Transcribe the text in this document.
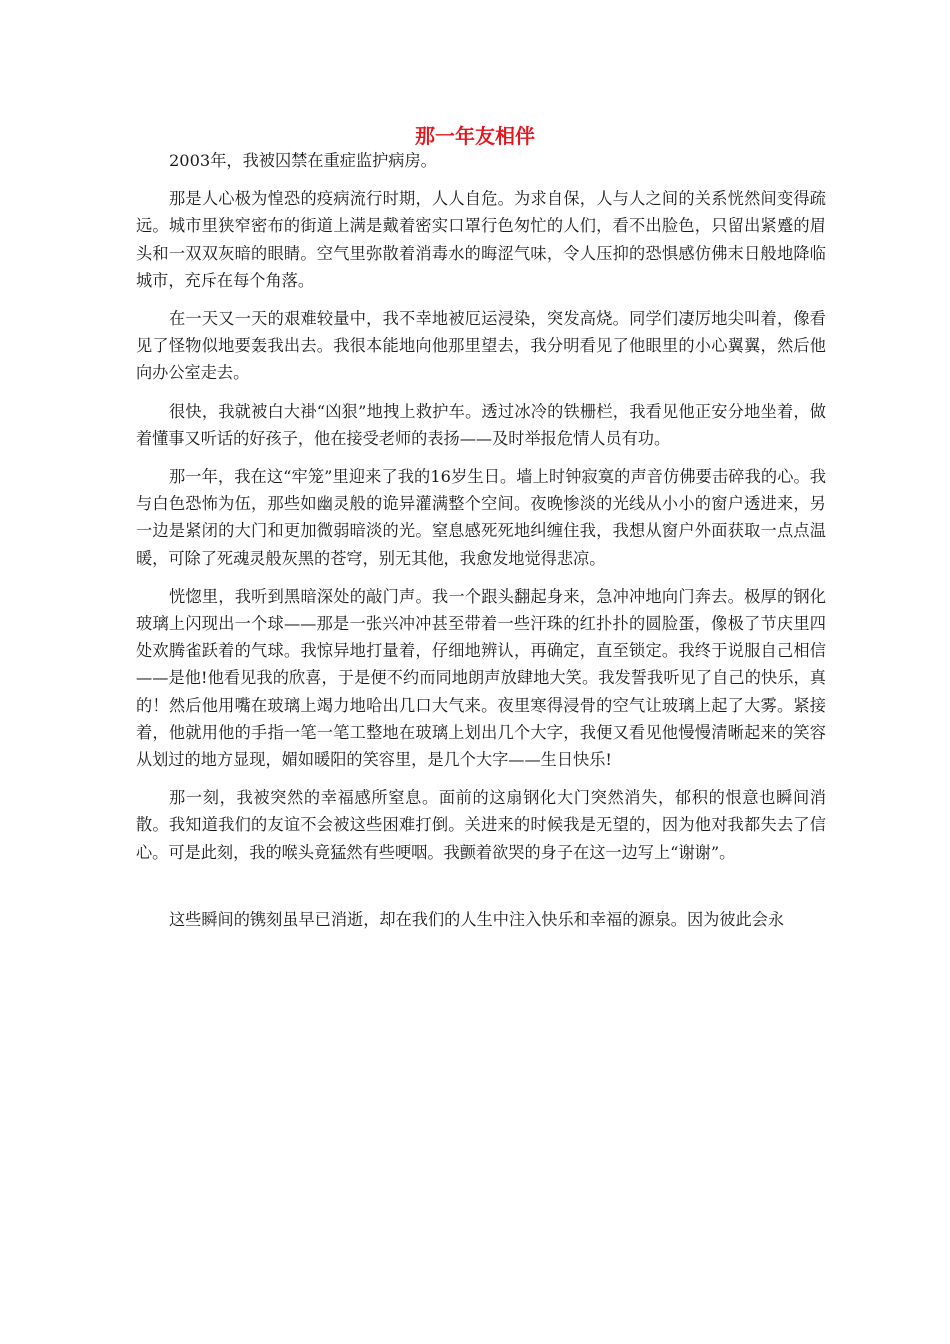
那一年友相伴

2003年，我被囚禁在重症监护病房。

那是人心极为惶恐的疫病流行时期，人人自危。为求自保，人与人之间的关系恍然间变得疏远。城市里狭窄密布的街道上满是戴着密实口罩行色匆忙的人们，看不出脸色，只留出紧蹙的眉头和一双双灰暗的眼睛。空气里弥散着消毒水的晦涩气味，令人压抑的恐惧感仿佛末日般地降临城市，充斥在每个角落。

在一天又一天的艰难较量中，我不幸地被厄运浸染，突发高烧。同学们凄厉地尖叫着，像看见了怪物似地要轰我出去。我很本能地向他那里望去，我分明看见了他眼里的小心翼翼，然后他向办公室走去。

很快，我就被白大褂“凶狠”地拽上救护车。透过冰冷的铁栅栏，我看见他正安分地坐着，做着懂事又听话的好孩子，他在接受老师的表扬——及时举报危情人员有功。

那一年，我在这“牢笼”里迎来了我的16岁生日。墙上时钟寂寞的声音仿佛要击碎我的心。我与白色恐怖为伍，那些如幽灵般的诡异灌满整个空间。夜晚惨淡的光线从小小的窗户透进来，另一边是紧闭的大门和更加微弱暗淡的光。窒息感死死地纠缠住我，我想从窗户外面获取一点点温暖，可除了死魂灵般灰黑的苍穹，别无其他，我愈发地觉得悲凉。

恍惚里，我听到黑暗深处的敲门声。我一个跟头翻起身来，急冲冲地向门奔去。极厚的钢化玻璃上闪现出一个球——那是一张兴冲冲甚至带着一些汗珠的红扑扑的圆脸蛋，像极了节庆里四处欢腾雀跃着的气球。我惊异地打量着，仔细地辨认，再确定，直至锁定。我终于说服自己相信——是他!他看见我的欣喜，于是便不约而同地朗声放肆地大笑。我发誓我听见了自己的快乐，真的！然后他用嘴在玻璃上竭力地哈出几口大气来。夜里寒得浸骨的空气让玻璃上起了大雾。紧接着，他就用他的手指一笔一笔工整地在玻璃上划出几个大字，我便又看见他慢慢清晰起来的笑容从划过的地方显现，媚如暖阳的笑容里，是几个大字——生日快乐!

那一刻，我被突然的幸福感所窒息。面前的这扇钢化大门突然消失，郁积的恨意也瞬间消散。我知道我们的友谊不会被这些困难打倒。关进来的时候我是无望的，因为他对我都失去了信心。可是此刻，我的喉头竟猛然有些哽咽。我颤着欲哭的身子在这一边写上“谢谢”。

这些瞬间的镌刻虽早已消逝，却在我们的人生中注入快乐和幸福的源泉。因为彼此会永
